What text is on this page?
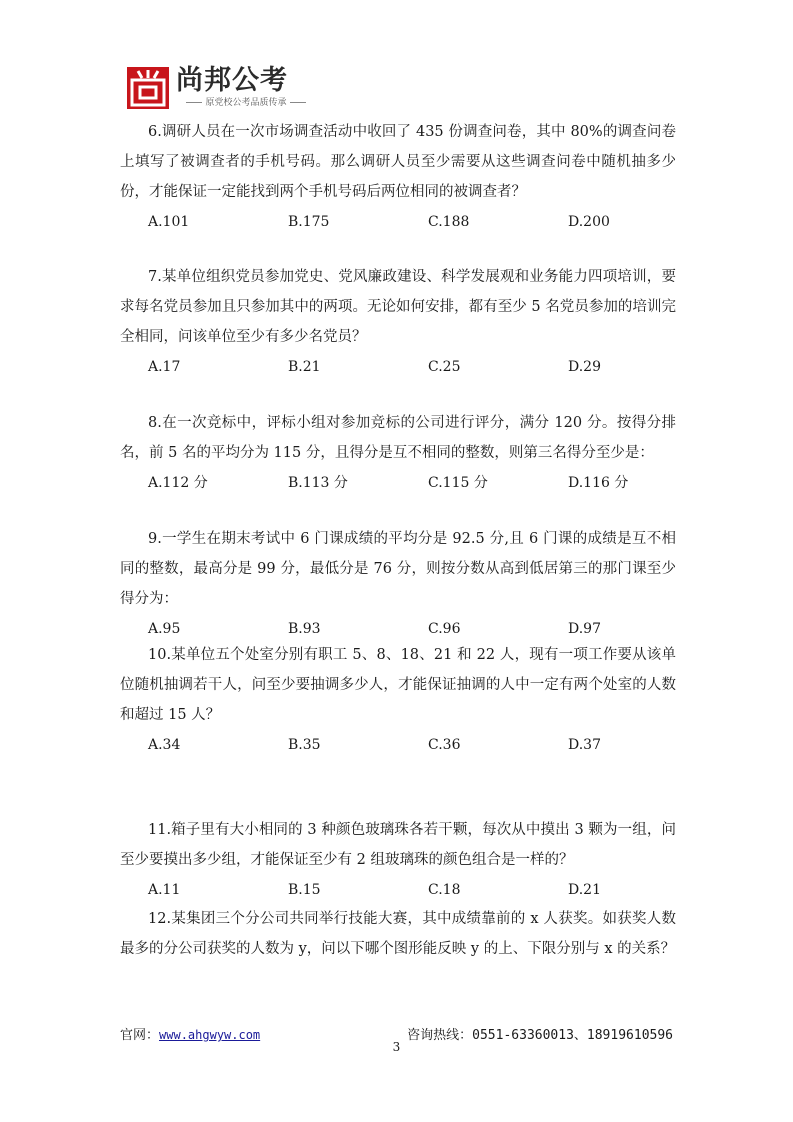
尚邦公考
原党校公考品质传承

6.调研人员在一次市场调查活动中收回了 435 份调查问卷，其中 80%的调查问卷上填写了被调查者的手机号码。那么调研人员至少需要从这些调查问卷中随机抽多少份，才能保证一定能找到两个手机号码后两位相同的被调查者？

A.101	B.175	C.188	D.200

7.某单位组织党员参加党史、党风廉政建设、科学发展观和业务能力四项培训，要求每名党员参加且只参加其中的两项。无论如何安排，都有至少 5 名党员参加的培训完全相同，问该单位至少有多少名党员？

A.17	B.21	C.25	D.29

8.在一次竞标中，评标小组对参加竞标的公司进行评分，满分 120 分。按得分排名，前 5 名的平均分为 115 分，且得分是互不相同的整数，则第三名得分至少是：

A.112 分	B.113 分	C.115 分	D.116 分

9.一学生在期末考试中 6 门课成绩的平均分是 92.5 分,且 6 门课的成绩是互不相同的整数，最高分是 99 分，最低分是 76 分，则按分数从高到低居第三的那门课至少得分为：

A.95	B.93	C.96	D.97

10.某单位五个处室分别有职工 5、8、18、21 和 22 人，现有一项工作要从该单位随机抽调若干人，问至少要抽调多少人，才能保证抽调的人中一定有两个处室的人数和超过 15 人？

A.34	B.35	C.36	D.37

11.箱子里有大小相同的 3 种颜色玻璃珠各若干颗，每次从中摸出 3 颗为一组，问至少要摸出多少组，才能保证至少有 2 组玻璃珠的颜色组合是一样的？

A.11	B.15	C.18	D.21

12.某集团三个分公司共同举行技能大赛，其中成绩靠前的 x 人获奖。如获奖人数最多的分公司获奖的人数为 y，问以下哪个图形能反映 y 的上、下限分别与 x 的关系？

官网：www.ahgwyw.com	咨询热线：0551-63360013、18919610596
3
